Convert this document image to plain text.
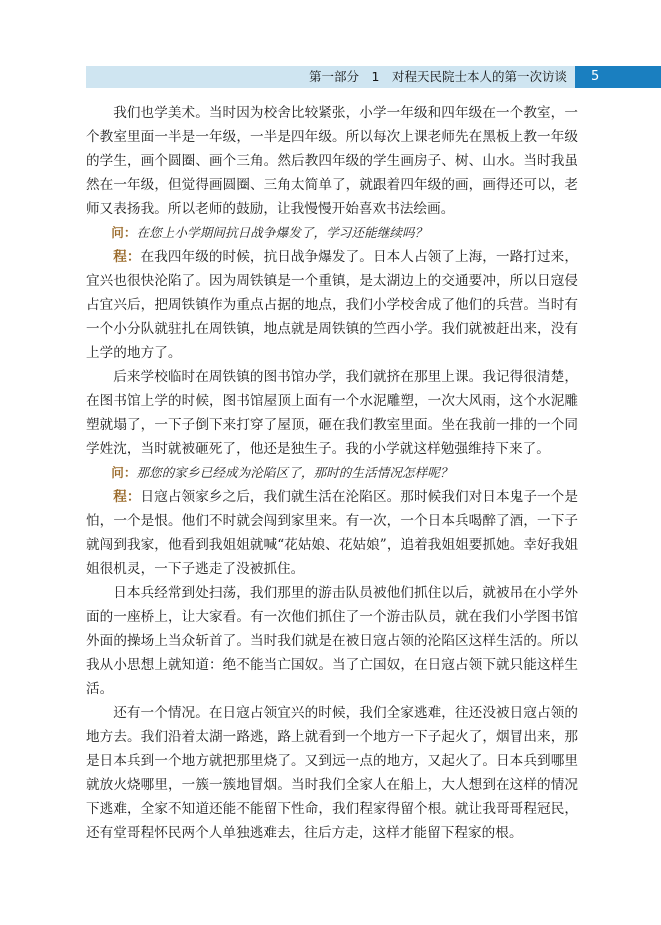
第一部分　1　对程天民院士本人的第一次访谈 5

我们也学美术。当时因为校舍比较紧张，小学一年级和四年级在一个教室，一个教室里面一半是一年级，一半是四年级。所以每次上课老师先在黑板上教一年级的学生，画个圆圈、画个三角。然后教四年级的学生画房子、树、山水。当时我虽然在一年级，但觉得画圆圈、三角太简单了，就跟着四年级的画，画得还可以，老师又表扬我。所以老师的鼓励，让我慢慢开始喜欢书法绘画。

问：在您上小学期间抗日战争爆发了，学习还能继续吗？

程：在我四年级的时候，抗日战争爆发了。日本人占领了上海，一路打过来，宜兴也很快沦陷了。因为周铁镇是一个重镇，是太湖边上的交通要冲，所以日寇侵占宜兴后，把周铁镇作为重点占据的地点，我们小学校舍成了他们的兵营。当时有一个小分队就驻扎在周铁镇，地点就是周铁镇的竺西小学。我们就被赶出来，没有上学的地方了。

后来学校临时在周铁镇的图书馆办学，我们就挤在那里上课。我记得很清楚，在图书馆上学的时候，图书馆屋顶上面有一个水泥雕塑，一次大风雨，这个水泥雕塑就塌了，一下子倒下来打穿了屋顶，砸在我们教室里面。坐在我前一排的一个同学姓沈，当时就被砸死了，他还是独生子。我的小学就这样勉强维持下来了。

问：那您的家乡已经成为沦陷区了，那时的生活情况怎样呢？

程：日寇占领家乡之后，我们就生活在沦陷区。那时候我们对日本鬼子一个是怕，一个是恨。他们不时就会闯到家里来。有一次，一个日本兵喝醉了酒，一下子就闯到我家，他看到我姐姐就喊“花姑娘、花姑娘”，追着我姐姐要抓她。幸好我姐姐很机灵，一下子逃走了没被抓住。

日本兵经常到处扫荡，我们那里的游击队员被他们抓住以后，就被吊在小学外面的一座桥上，让大家看。有一次他们抓住了一个游击队员，就在我们小学图书馆外面的操场上当众斩首了。当时我们就是在被日寇占领的沦陷区这样生活的。所以我从小思想上就知道：绝不能当亡国奴。当了亡国奴，在日寇占领下就只能这样生活。

还有一个情况。在日寇占领宜兴的时候，我们全家逃难，往还没被日寇占领的地方去。我们沿着太湖一路逃，路上就看到一个地方一下子起火了，烟冒出来，那是日本兵到一个地方就把那里烧了。又到远一点的地方，又起火了。日本兵到哪里就放火烧哪里，一簇一簇地冒烟。当时我们全家人在船上，大人想到在这样的情况下逃难，全家不知道还能不能留下性命，我们程家得留个根。就让我哥哥程冠民，还有堂哥程怀民两个人单独逃难去，往后方走，这样才能留下程家的根。
